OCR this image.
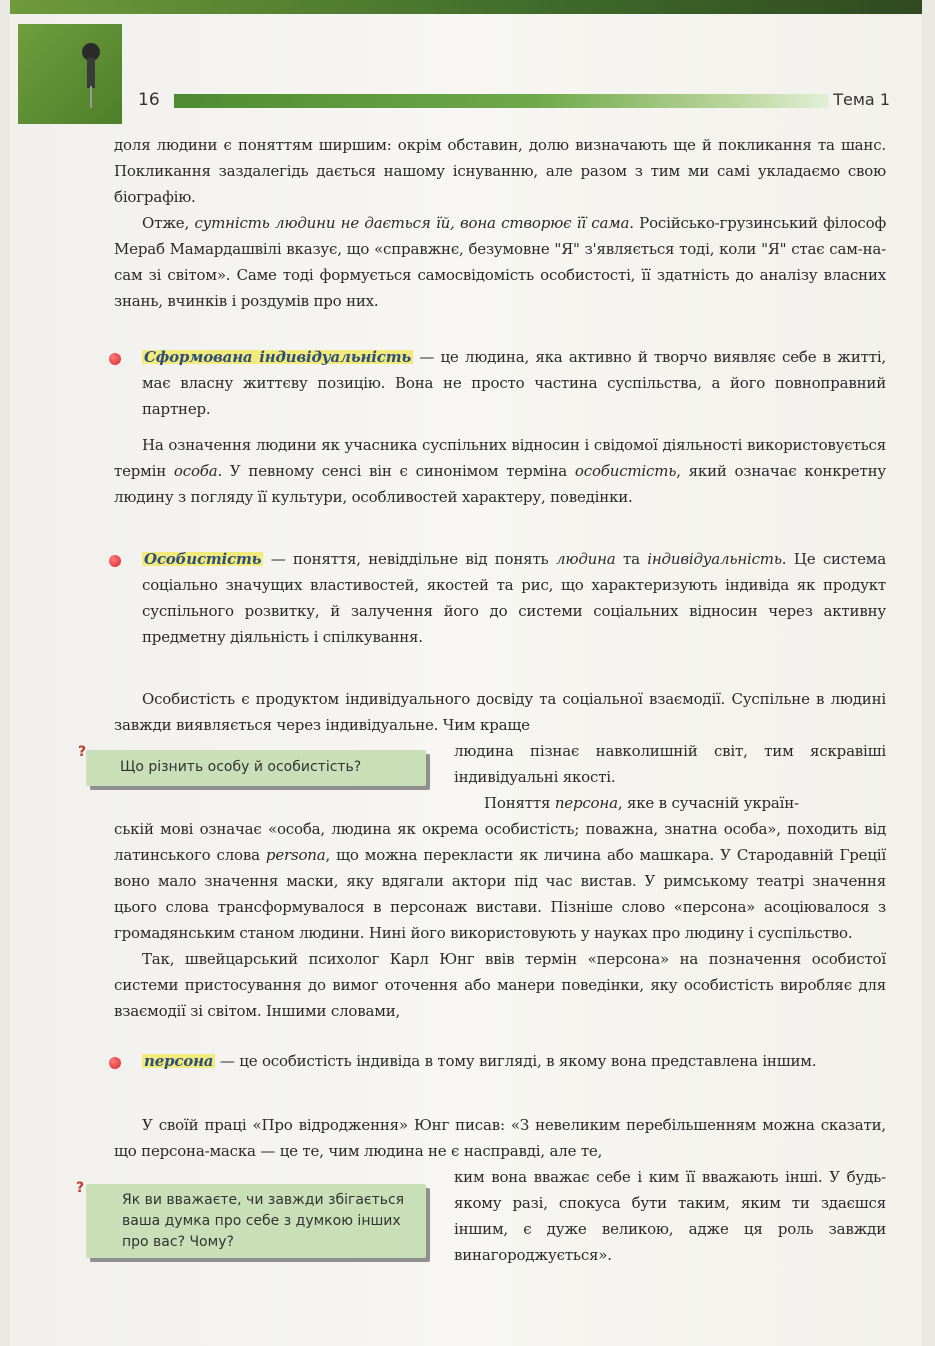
16	Тема 1

доля людини є поняттям ширшим: окрім обставин, долю визначають ще й покликання та шанс. Покликання заздалегідь дається нашому існуванню, але разом з тим ми самі укладаємо свою біографію.

Отже, сутність людини не дається їй, вона створює її сама. Російсько-грузинський філософ Мераб Мамардашвілі вказує, що «справжнє, безумовне "Я" з'являється тоді, коли "Я" стає сам-на-сам зі світом». Саме тоді формується самосвідомість особистості, її здатність до аналізу власних знань, вчинків і роздумів про них.

Сформована індивідуальність — це людина, яка активно й творчо виявляє себе в житті, має власну життєву позицію. Вона не просто частина суспільства, а його повноправний партнер.

На означення людини як учасника суспільних відносин і свідомої діяльності використовується термін особа. У певному сенсі він є синонімом терміна особистість, який означає конкретну людину з погляду її культури, особливостей характеру, поведінки.

Особистість — поняття, невіддільне від понять людина та індивідуальність. Це система соціально значущих властивостей, якостей та рис, що характеризують індивіда як продукт суспільного розвитку, й залучення його до системи соціальних відносин через активну предметну діяльність і спілкування.

Особистість є продуктом індивідуального досвіду та соціальної взаємодії. Суспільне в людині завжди виявляється через індивідуальне. Чим краще

людина пізнає навколишній світ, тим яскравіші індивідуальні якості.

?
Що різнить особу й особистість?

Поняття персона, яке в сучасній україн-

ській мові означає «особа, людина як окрема особистість; поважна, знатна особа», походить від латинського слова persona, що можна перекласти як личина або машкара. У Стародавній Греції воно мало значення маски, яку вдягали актори під час вистав. У римському театрі значення цього слова трансформувалося в персонаж вистави. Пізніше слово «персона» асоціювалося з громадянським станом людини. Нині його використовують у науках про людину і суспільство.

Так, швейцарський психолог Карл Юнг ввів термін «персона» на позначення особистої системи пристосування до вимог оточення або манери поведінки, яку особистість виробляє для взаємодії зі світом. Іншими словами,

персона — це особистість індивіда в тому вигляді, в якому вона представлена іншим.

У своїй праці «Про відродження» Юнг писав: «З невеликим перебільшенням можна сказати, що персона-маска — це те, чим людина не є насправді, але те,

ким вона вважає себе і ким її вважають інші. У будь-якому разі, спокуса бути таким, яким ти здаєшся іншим, є дуже великою, адже ця роль завжди винагороджується».

?
Як ви вважаєте, чи завжди збігається ваша думка про себе з думкою інших про вас? Чому?
